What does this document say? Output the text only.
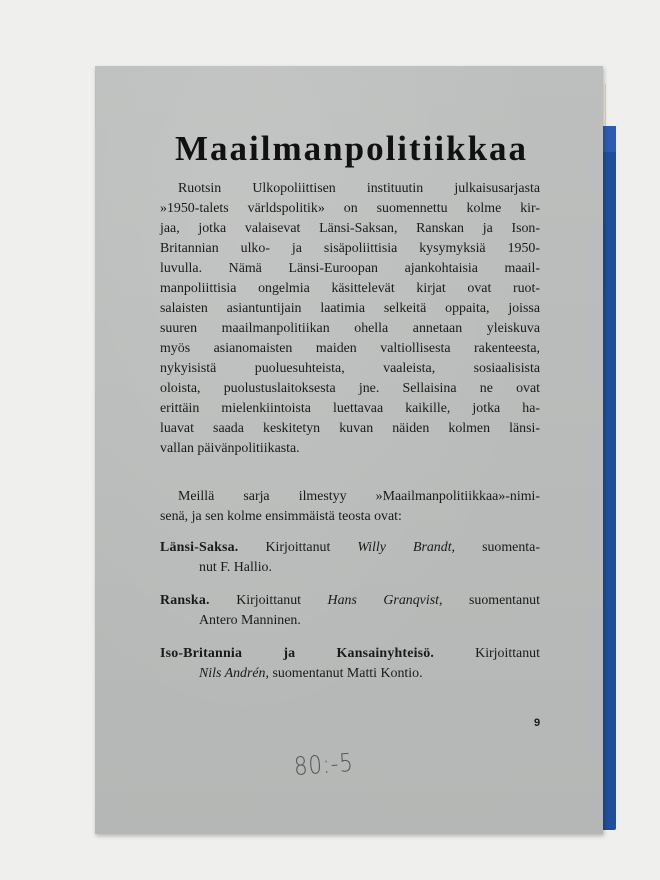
Maailmanpolitiikkaa
Ruotsin Ulkopoliittisen instituutin julkaisusarjasta
»1950-talets världspolitik» on suomennettu kolme kir-
jaa, jotka valaisevat Länsi-Saksan, Ranskan ja Ison-
Britannian ulko- ja sisäpoliittisia kysymyksiä 1950-
luvulla. Nämä Länsi-Euroopan ajankohtaisia maail-
manpoliittisia ongelmia käsittelevät kirjat ovat ruot-
salaisten asiantuntijain laatimia selkeitä oppaita, joissa
suuren maailmanpolitiikan ohella annetaan yleiskuva
myös asianomaisten maiden valtiollisesta rakenteesta,
nykyisistä puoluesuhteista, vaaleista, sosiaalisista
oloista, puolustuslaitoksesta jne. Sellaisina ne ovat
erittäin mielenkiintoista luettavaa kaikille, jotka ha-
luavat saada keskitetyn kuvan näiden kolmen länsi-
vallan päivänpolitiikasta.
Meillä sarja ilmestyy »Maailmanpolitiikkaa»-nimi-
senä, ja sen kolme ensimmäistä teosta ovat:
Länsi-Saksa. Kirjoittanut Willy Brandt, suomenta-
nut F. Hallio.
Ranska. Kirjoittanut Hans Granqvist, suomentanut
Antero Manninen.
Iso-Britannia ja Kansainyhteisö.	Kirjoittanut
Nils Andrén, suomentanut Matti Kontio.
9
80:-5
